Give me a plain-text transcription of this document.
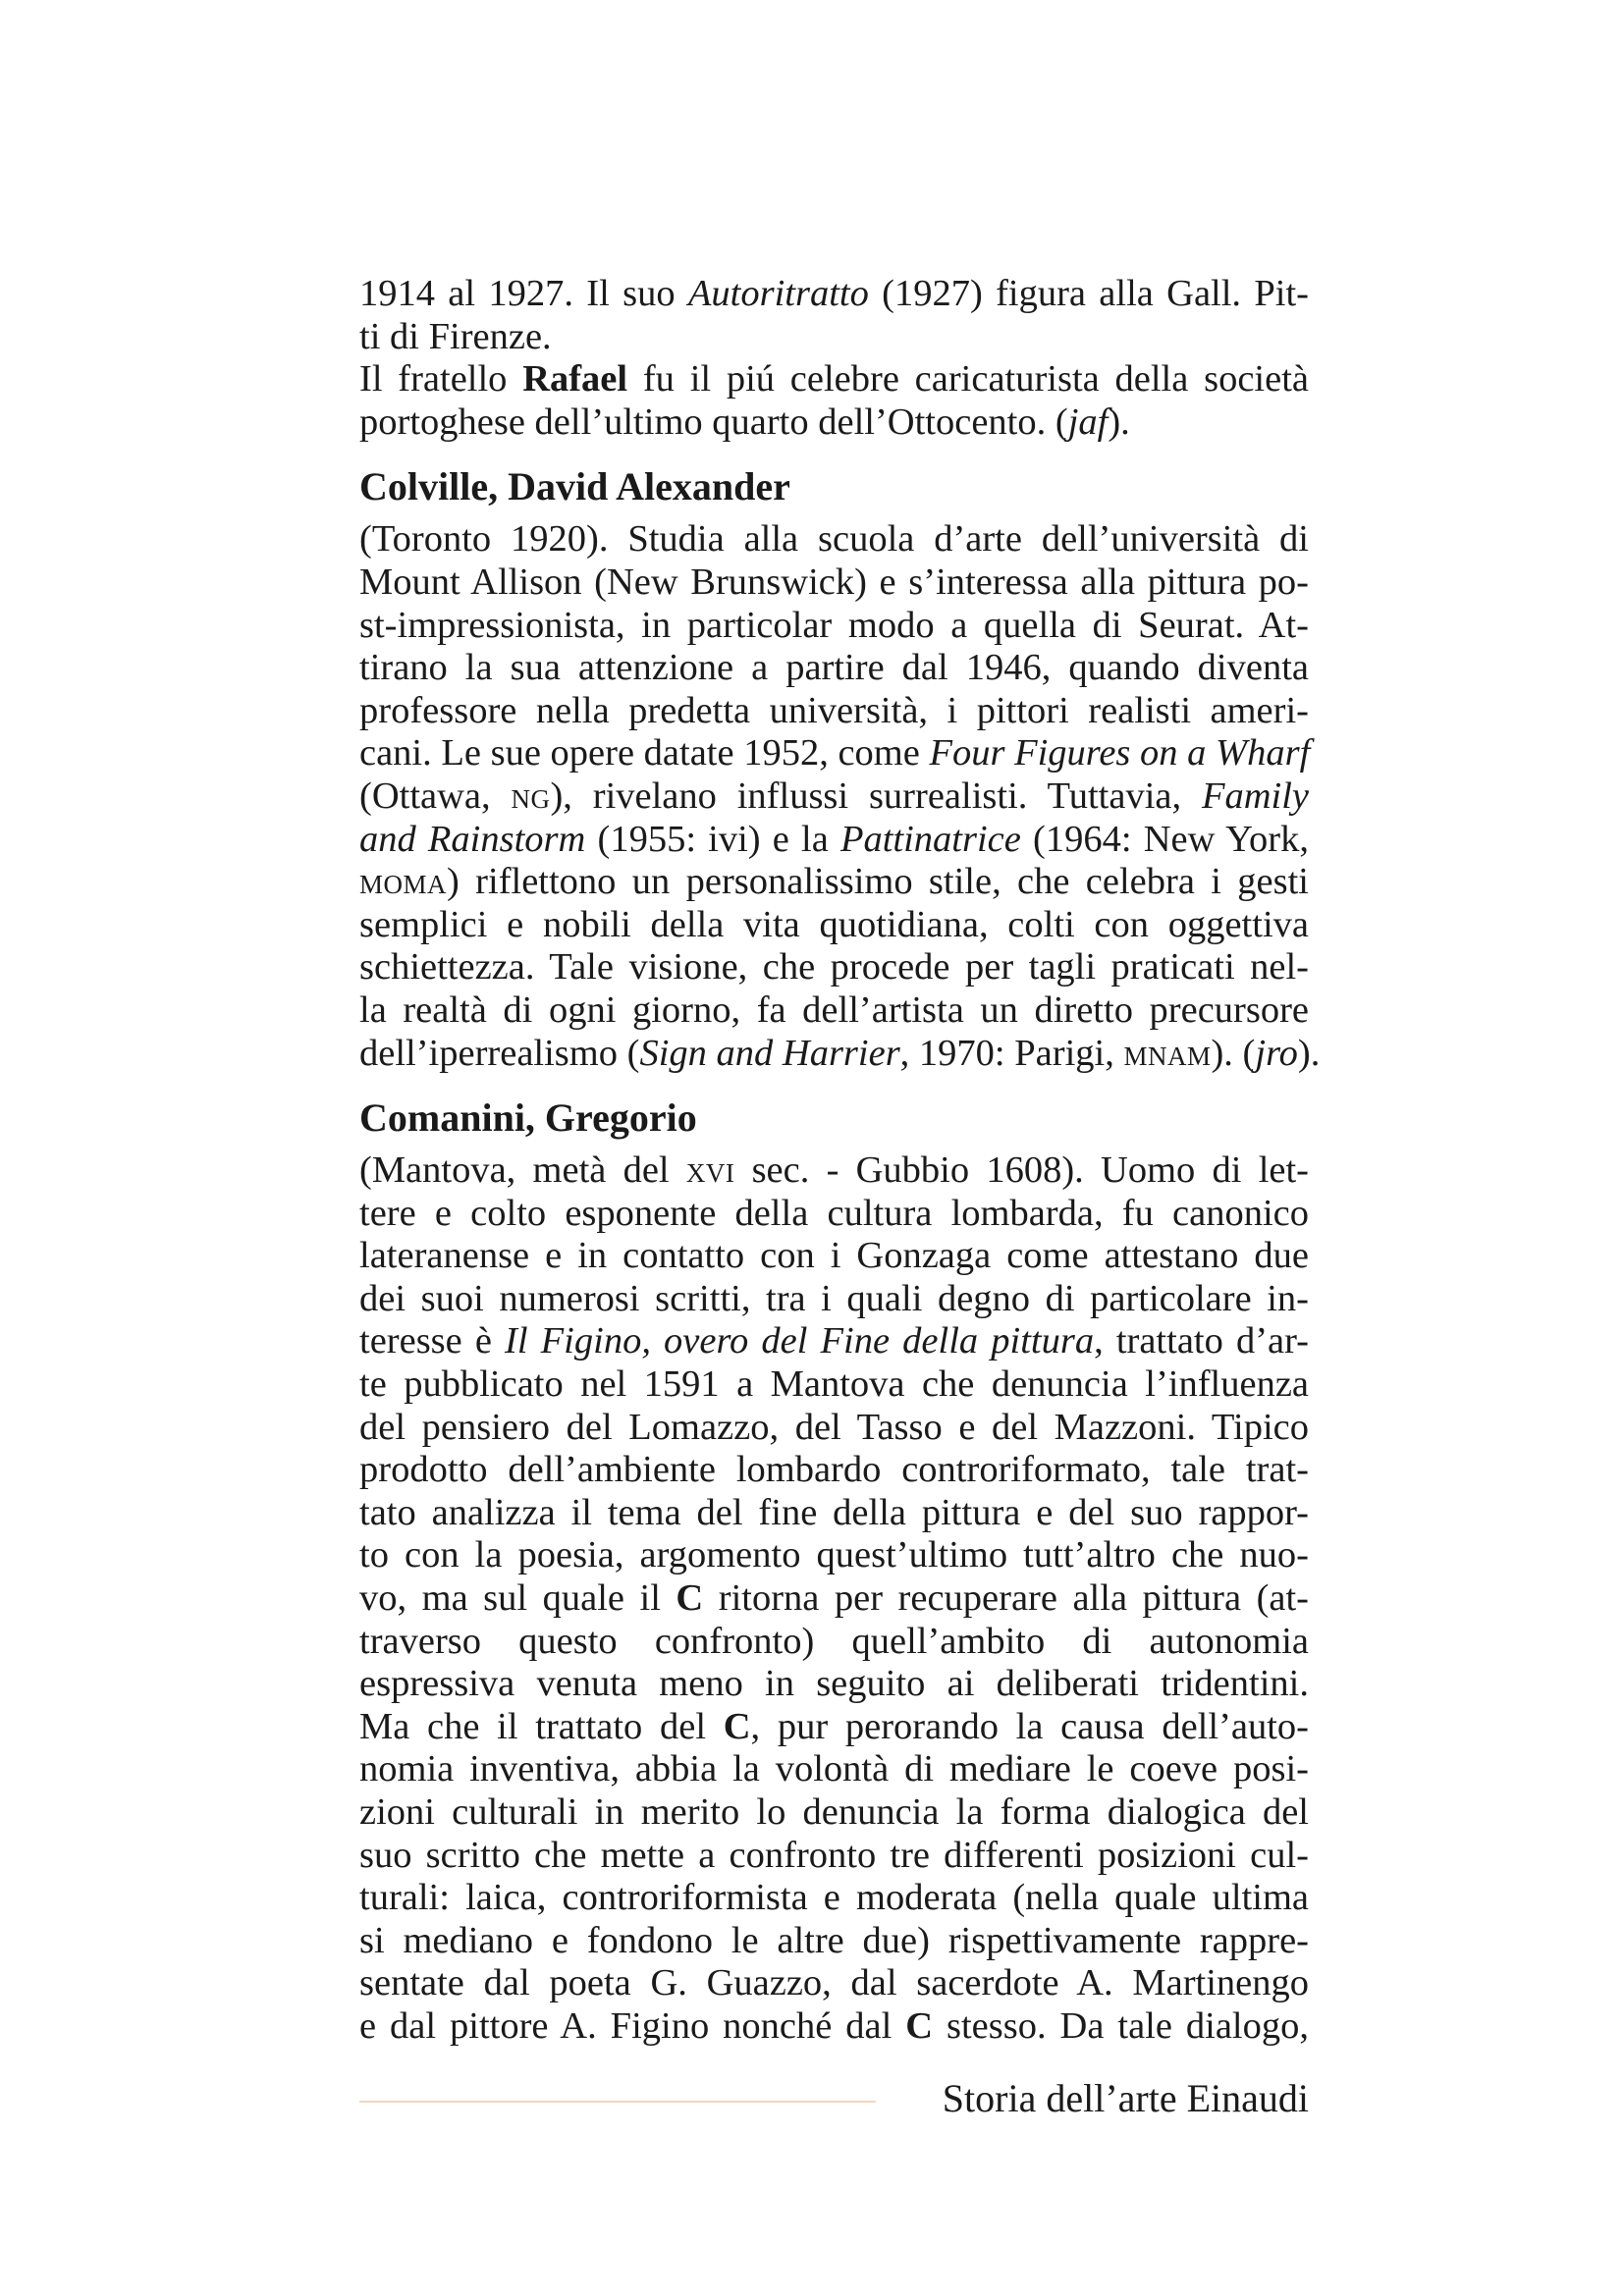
1914 al 1927. Il suo Autoritratto (1927) figura alla Gall. Pit-
ti di Firenze.
Il fratello Rafael fu il piú celebre caricaturista della società
portoghese dell’ultimo quarto dell’Ottocento. (jaf).
Colville, David Alexander
(Toronto 1920). Studia alla scuola d’arte dell’università di
Mount Allison (New Brunswick) e s’interessa alla pittura po-
st-impressionista, in particolar modo a quella di Seurat. At-
tirano la sua attenzione a partire dal 1946, quando diventa
professore nella predetta università, i pittori realisti ameri-
cani. Le sue opere datate 1952, come Four Figures on a Wharf
(Ottawa, ng), rivelano influssi surrealisti. Tuttavia, Family
and Rainstorm (1955: ivi) e la Pattinatrice (1964: New York,
moma) riflettono un personalissimo stile, che celebra i gesti
semplici e nobili della vita quotidiana, colti con oggettiva
schiettezza. Tale visione, che procede per tagli praticati nel-
la realtà di ogni giorno, fa dell’artista un diretto precursore
dell’iperrealismo (Sign and Harrier, 1970: Parigi, mnam). (jro).
Comanini, Gregorio
(Mantova, metà del xvi sec. - Gubbio 1608). Uomo di let-
tere e colto esponente della cultura lombarda, fu canonico
lateranense e in contatto con i Gonzaga come attestano due
dei suoi numerosi scritti, tra i quali degno di particolare in-
teresse è Il Figino, overo del Fine della pittura, trattato d’ar-
te pubblicato nel 1591 a Mantova che denuncia l’influenza
del pensiero del Lomazzo, del Tasso e del Mazzoni. Tipico
prodotto dell’ambiente lombardo controriformato, tale trat-
tato analizza il tema del fine della pittura e del suo rappor-
to con la poesia, argomento quest’ultimo tutt’altro che nuo-
vo, ma sul quale il C ritorna per recuperare alla pittura (at-
traverso questo confronto) quell’ambito di autonomia
espressiva venuta meno in seguito ai deliberati tridentini.
Ma che il trattato del C, pur perorando la causa dell’auto-
nomia inventiva, abbia la volontà di mediare le coeve posi-
zioni culturali in merito lo denuncia la forma dialogica del
suo scritto che mette a confronto tre differenti posizioni cul-
turali: laica, controriformista e moderata (nella quale ultima
si mediano e fondono le altre due) rispettivamente rappre-
sentate dal poeta G. Guazzo, dal sacerdote A. Martinengo
e dal pittore A. Figino nonché dal C stesso. Da tale dialogo,
Storia dell’arte Einaudi
